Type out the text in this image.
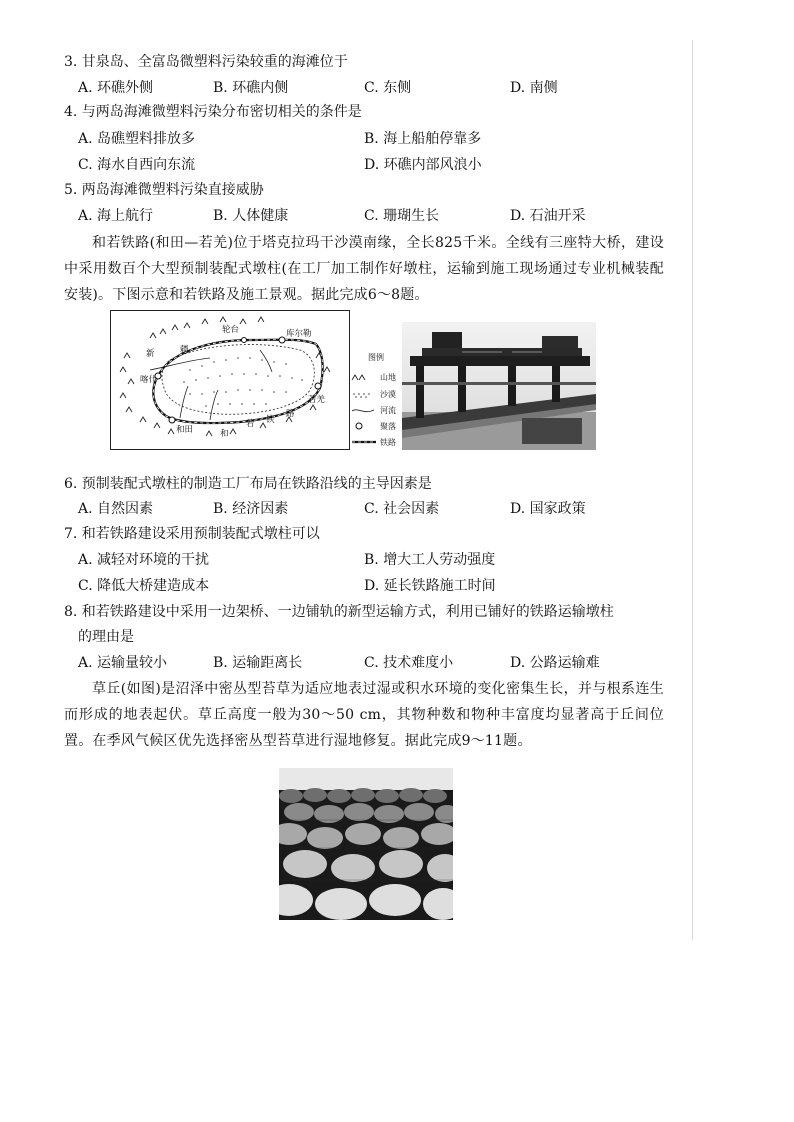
3. 甘泉岛、全富岛微塑料污染较重的海滩位于
A. 环礁外侧	B. 环礁内侧	C. 东侧	D. 南侧
4. 与两岛海滩微塑料污染分布密切相关的条件是
A. 岛礁塑料排放多	B. 海上船舶停靠多
C. 海水自西向东流	D. 环礁内部风浪小
5. 两岛海滩微塑料污染直接威胁
A. 海上航行	B. 人体健康	C. 珊瑚生长	D. 石油开采
和若铁路(和田—若羌)位于塔克拉玛干沙漠南缘，全长825千米。全线有三座特大桥，建设中采用数百个大型预制装配式墩柱(在工厂加工制作好墩柱，运输到施工现场通过专业机械装配安装)。下图示意和若铁路及施工景观。据此完成6～8题。
轮台	库尔勒
新	疆
喀什
若羌
和田	和
若 铁
路
图例
山地
沙漠
河流
聚落
铁路
6. 预制装配式墩柱的制造工厂布局在铁路沿线的主导因素是
A. 自然因素	B. 经济因素	C. 社会因素	D. 国家政策
7. 和若铁路建设采用预制装配式墩柱可以
A. 减轻对环境的干扰	B. 增大工人劳动强度
C. 降低大桥建造成本	D. 延长铁路施工时间
8. 和若铁路建设中采用一边架桥、一边铺轨的新型运输方式，利用已铺好的铁路运输墩柱
的理由是
A. 运输量较小	B. 运输距离长	C. 技术难度小	D. 公路运输难
草丘(如图)是沼泽中密丛型苔草为适应地表过湿或积水环境的变化密集生长，并与根系连生而形成的地表起伏。草丘高度一般为30～50 cm，其物种数和物种丰富度均显著高于丘间位置。在季风气候区优先选择密丛型苔草进行湿地修复。据此完成9～11题。
